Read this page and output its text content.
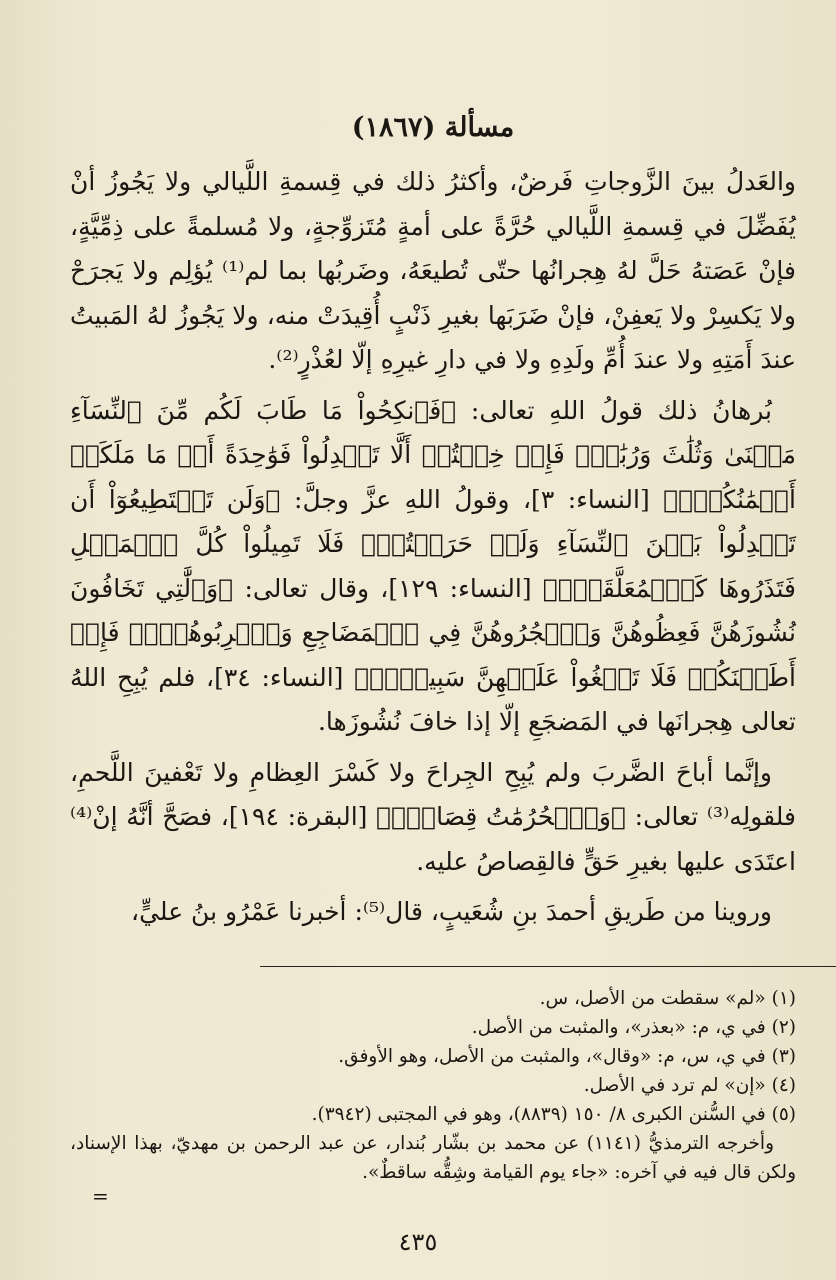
مسألة (١٨٦٧)

والعَدلُ بينَ الزَّوجاتِ فَرضٌ، وأكثرُ ذلك في قِسمةِ اللَّيالي ولا يَجُوزُ أنْ يُفَضِّلَ في قِسمةِ اللَّيالي حُرَّةً على أمةٍ مُتَزوِّجةٍ، ولا مُسلمةً على ذِمِّيَّةٍ، فإنْ عَصَتهُ حَلَّ لهُ هِجرانُها حتّى تُطيعَهُ، وضَربُها بما لم⁽¹⁾ يُؤلِم ولا يَجرَحْ ولا يَكسِرْ ولا يَعفِنْ، فإنْ ضَرَبَها بغيرِ ذَنْبٍ أُقِيدَتْ منه، ولا يَجُوزُ لهُ المَبيتُ عندَ أَمَتِهِ ولا عندَ أُمِّ ولَدِهِ ولا في دارِ غيرِهِ إلّا لعُذْرٍ⁽²⁾.

بُرهانُ ذلك قولُ اللهِ تعالى: ﴿فَٱنكِحُواْ مَا طَابَ لَكُم مِّنَ ٱلنِّسَآءِ مَثۡنَىٰ وَثُلَٰثَ وَرُبَٰعَۖ فَإِنۡ خِفۡتُمۡ أَلَّا تَعۡدِلُواْ فَوَٰحِدَةً أَوۡ مَا مَلَكَتۡ أَيۡمَٰنُكُمۡۚ﴾ [النساء: ٣]، وقولُ اللهِ عزَّ وجلَّ: ﴿وَلَن تَسۡتَطِيعُوٓاْ أَن تَعۡدِلُواْ بَيۡنَ ٱلنِّسَآءِ وَلَوۡ حَرَصۡتُمۡۖ فَلَا تَمِيلُواْ كُلَّ ٱلۡمَيۡلِ فَتَذَرُوهَا كَٱلۡمُعَلَّقَةِۚ﴾ [النساء: ١٢٩]، وقال تعالى: ﴿وَٱلَّٰتِي تَخَافُونَ نُشُوزَهُنَّ فَعِظُوهُنَّ وَٱهۡجُرُوهُنَّ فِي ٱلۡمَضَاجِعِ وَٱضۡرِبُوهُنَّۖ فَإِنۡ أَطَعۡنَكُمۡ فَلَا تَبۡغُواْ عَلَيۡهِنَّ سَبِيلًاۗ﴾ [النساء: ٣٤]، فلم يُبِحِ اللهُ تعالى هِجرانَها في المَضجَعِ إلّا إذا خافَ نُشُوزَها.

وإنَّما أباحَ الضَّربَ ولم يُبِحِ الجِراحَ ولا كَسْرَ العِظامِ ولا تَعْفينَ اللَّحمِ، فلقولِه⁽³⁾ تعالى: ﴿وَٱلۡحُرُمَٰتُ قِصَاصٞۚ﴾ [البقرة: ١٩٤]، فصَحَّ أنَّهُ إنْ⁽⁴⁾ اعتَدَى عليها بغيرِ حَقٍّ فالقِصاصُ عليه.

وروينا من طَريقِ أحمدَ بنِ شُعَيبٍ، قال⁽⁵⁾: أخبرنا عَمْرُو بنُ عليٍّ،

(١) «لم» سقطت من الأصل، س.

(٢) في ي، م: «بعذر»، والمثبت من الأصل.

(٣) في ي، س، م: «وقال»، والمثبت من الأصل، وهو الأوفق.

(٤) «إن» لم ترد في الأصل.

(٥) في السُّنن الكبرى ٨/ ١٥٠ (٨٨٣٩)، وهو في المجتبى (٣٩٤٢).

وأخرجه الترمذيُّ (١١٤١) عن محمد بن بشّار بُندار، عن عبد الرحمن بن مهديّ، بهذا الإسناد، ولكن قال فيه في آخره: «جاء يوم القيامة وشِقُّه ساقطٌ».

=
٤٣٥
